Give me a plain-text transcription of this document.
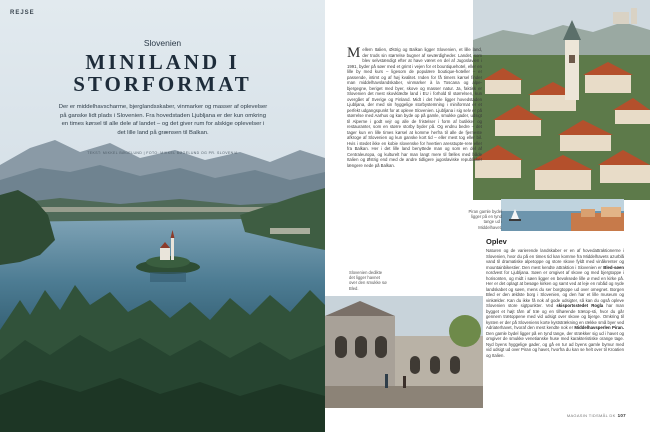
REJSE
Slovenien
MINILAND I
STORFORMAT

Der er middelhavscharme, bjerglandsskaber, vinmarker og masser af oplevelser på ganske lidt plads i Slovenien. Fra hovedstaden Ljubljana er der kun omkring en times kørsel til alle dele af landet – og det giver rum for alskige oplevelser i det lille land på grænsen til Balkan.

TEKST: MIKKEL BØGELUND | FOTO: MIKKEL BØGELUND OG PR. SLOVENIA
Mellem Italien, Østrig og Balkan ligger Slovenien, et lille land, der trods sin størrelse bugner af seværdigheder. Landet, som blev selvstændigt efter at have været en del af Jugoslavien i 1991, byder på søer med et grimt i vejen for et bountiquehotel, eller en lille by med kurs – ligesom de populære boutique-hoteller – er passende, intimt og af høj kvalitet. Inden for få timers kørsel finder man middelhavslandskaber, vinmarker à la Toscana og alpe-bjergegne, beriget med byer, skove og masser natur. Ja, faktisk er Slovenien det mest skovklædte land i EU i forhold til størrelsen, kun overgået af Sverige og Finland. Midt i det hele ligger hovedstaden Ljubljana, der med sin hyggelige storbystemning i miniformat er et perfekt udgangspunkt for at opleve Slovenien. Ljubljana i sig selv er på størrelse med Aarhus og kan byde op på gamle, smukke gader, udsigt til Alperne i godt vejr og alle de fristelser i form af butikker og restauranter, som en større storby byder på. Og endnu bedre – det tager kun en lille times kørsel at komme herfra til alle de fjerneste afkroge af Slovenien og kun ganske kort tid – eller mest tog eller bil. Hvis i stedet ikke en kobie slovenske for hvertien aresstupte-rere eller fra Balkan. Her i det lille land benyttede man og som en del af Centraleuropa, og kulturelt har man langt mere til fælles med både Italien og Østrig end med de andre tidligere jugoslaviske republikker længere nede på Balkan.
Piran gamle bydel ligger på en tynd tange ud i Middelhavet.
Slovenien dedikte det ligger havnet over den smukke sø Bled.
Oplev
Naturen og de varierende landskaber er en af hovedattraktionerne i Slovenien, hvor du på en times tid kan komme fra Middelhavets azurblå vand til dramatiske alpetoppe og store skove fyldt med vinåkrenter og mountainbikestier. Den mest kendte attraktion i Slovenien er Bled-søen nordvest for Ljubljana. Søen er omgivet af skove og med bjergtoppe i horisonten, og midt i søen ligger en bevoksede lille ø med en kirke på. Her er det oplagt at besøge kirken og samt ved at leje en robåd og nyde landskabet og søen, mens du ser borgtoppe ud over omegnet. Borgen Bled er den ældste borg i Slovenien, og den har et lille museum og vinkælder. Kan du ikke få nok af gode udsigter, så kan du også opleve Slovenien store sigtpunkter. Ved skisportsstedet Rogla har man bygget et højt tårn af træ og en tilhørende trætop-sti, hvor du går gennem trætoppene med vid udsigt over skove og bjerge. Omkring til kysten er der på Sloveniens korte kyststrækning en række små byer ved Adriaterhavet, hvoraf den mest kendte nok er Middelhavsperlen Piran. Den gamle bydel ligger på en tynd tange, der strækker sig ud i havet og omgiver de smukke venetianske huse med karakteristiske orange tage. Nyd byens hyggelige gader, og gå en tur ad byens gamle bymur med vid udsigt ud over Piran og havet, hvorfra du kan se helt over til Kroatien og Italien.
MAGASIN TIDSMÅL DK 107
